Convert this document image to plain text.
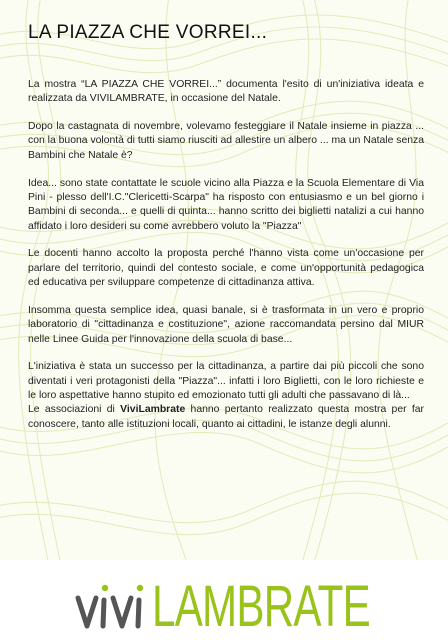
LA PIAZZA CHE VORREI...

La mostra “LA PIAZZA CHE VORREI...” documenta l'esito di un'iniziativa ideata e realizzata da VIVILAMBRATE, in occasione del Natale.

Dopo la castagnata di novembre, volevamo festeggiare il Natale insieme in piazza ... con la buona volontà di tutti siamo riusciti ad allestire un albero ... ma un Natale senza Bambini che Natale è?

Idea... sono state contattate le scuole vicino alla Piazza e la Scuola Elementare di Via Pini - plesso dell'I.C."Clericetti-Scarpa" ha risposto con entusiasmo e un bel giorno i Bambini di seconda... e quelli di quinta... hanno scritto dei biglietti natalizi a cui hanno affidato i loro desideri su come avrebbero voluto la "Piazza"

Le docenti hanno accolto la proposta perché l'hanno vista come un'occasione per parlare del territorio, quindi del contesto sociale, e come un'opportunità pedagogica ed educativa per sviluppare competenze di cittadinanza attiva.

Insomma questa semplice idea, quasi banale, si è trasformata in un vero e proprio laboratorio di "cittadinanza e costituzione", azione raccomandata persino dal MIUR nelle Linee Guida per l'innovazione della scuola di base...

L'iniziativa è stata un successo per la cittadinanza, a partire dai più piccoli che sono diventati i veri protagonisti della "Piazza"... infatti i loro Biglietti, con le loro richieste e le loro aspettative hanno stupito ed emozionato tutti gli adulti che passavano di là...

Le associazioni di ViviLambrate hanno pertanto realizzato questa mostra per far conoscere, tanto alle istituzioni locali, quanto ai cittadini, le istanze degli alunni.

LAMBRATE
